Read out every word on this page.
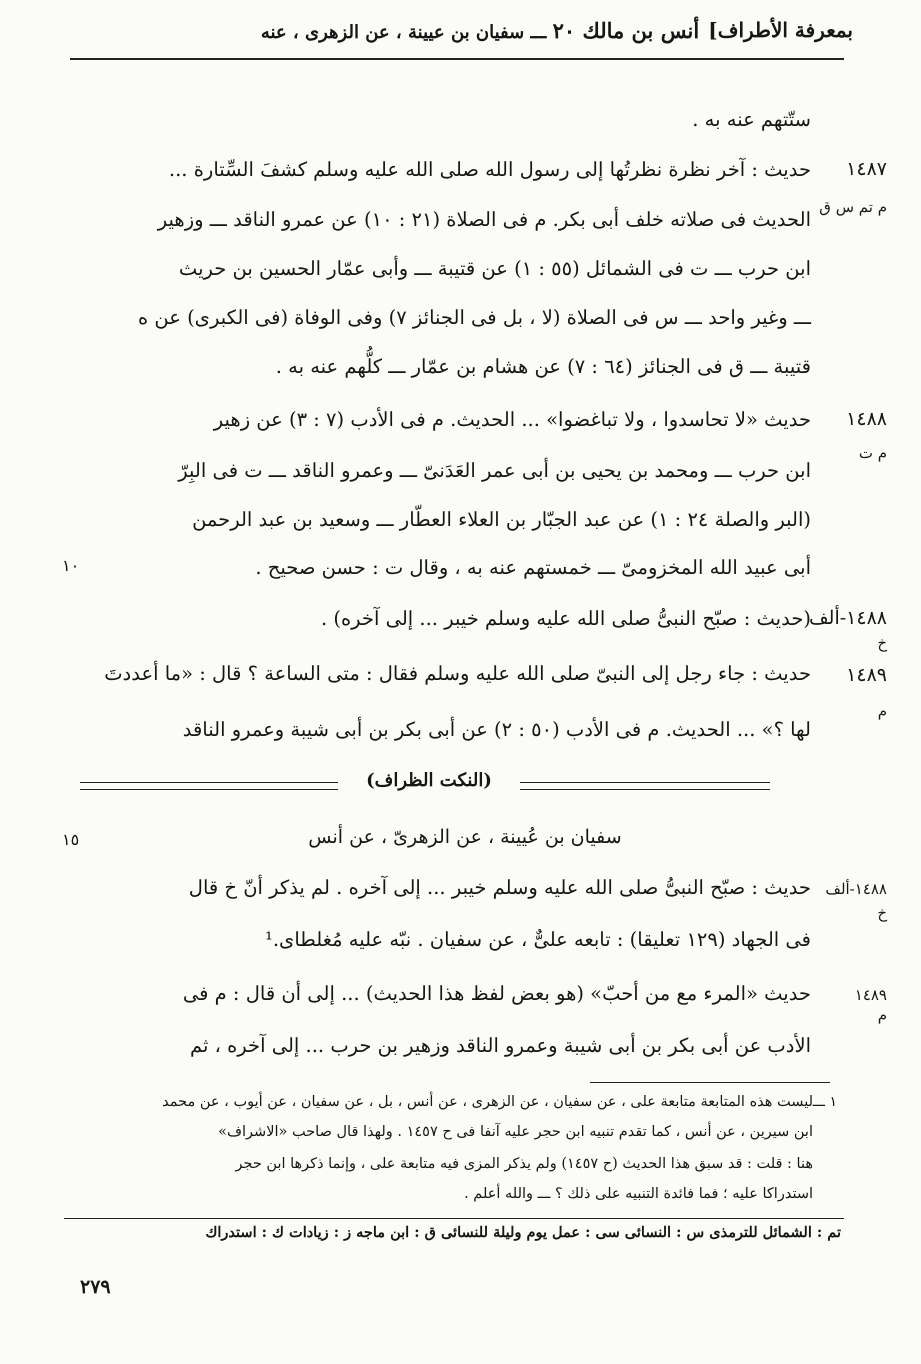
بمعرفة الأطراف]
أنس بن مالك ٢٠ ـــ سفيان بن عيينة ، عن الزهرى ، عنه
ستّتهم عنه به .
حديث : آخر نظرة نظرتُها إلى رسول الله صلى الله عليه وسلم كشفَ السِّتارة ...
الحديث فى صلاته خلف أبى بكر. م فى الصلاة (٢١ : ١٠) عن عمرو الناقد ـــ وزهير
ابن حرب ـــ ت فى الشمائل (٥٥ : ١) عن قتيبة ـــ وأبى عمّار الحسين بن حريث
ـــ وغير واحد ـــ س فى الصلاة (لا ، بل فى الجنائز ٧) وفى الوفاة (فى الكبرى) عن ه
قتيبة ـــ ق فى الجنائز (٦٤ : ٧) عن هشام بن عمّار ـــ كلُّهم عنه به .
حديث «لا تحاسدوا ، ولا تباغضوا» ... الحديث. م فى الأدب (٧ : ٣) عن زهير
ابن حرب ـــ ومحمد بن يحيى بن أبى عمر العَدَنىّ ـــ وعمرو الناقد ـــ ت فى البِرّ
(البر والصلة ٢٤ : ١) عن عبد الجبّار بن العلاء العطّار ـــ وسعيد بن عبد الرحمن
أبى عبيد الله المخزومىّ ـــ خمستهم عنه به ، وقال ت : حسن صحيح .
(حديث : صبّح النبىُّ صلى الله عليه وسلم خيبر ... إلى آخره) .
حديث : جاء رجل إلى النبىّ صلى الله عليه وسلم فقال : متى الساعة ؟ قال : «ما أعددتَ
لها ؟» ... الحديث. م فى الأدب (٥٠ : ٢) عن أبى بكر بن أبى شيبة وعمرو الناقد
١٤٨٧
م تم س ق
١٤٨٨
م ت
١٤٨٨-ألف
خ
١٤٨٩
م
١٠
(النكت الظراف)
سفيان بن عُيينة ، عن الزهرىّ ، عن أنس
١٥
حديث : صبّح النبىُّ صلى الله عليه وسلم خيبر ... إلى آخره . لم يذكر أنّ خ قال
فى الجهاد (١٢٩ تعليقا) : تابعه علىٌّ ، عن سفيان . نبّه عليه مُغلطاى.¹
حديث «المرء مع من أحبّ» (هو بعض لفظ هذا الحديث) ... إلى أن قال : م فى
الأدب عن أبى بكر بن أبى شيبة وعمرو الناقد وزهير بن حرب ... إلى آخره ، ثم
١٤٨٨-ألف
خ
١٤٨٩
م
١ ـــ
ليست هذه المتابعة متابعة على ، عن سفيان ، عن الزهرى ، عن أنس ، بل ، عن سفيان ، عن أيوب ، عن محمد
ابن سيرين ، عن أنس ، كما تقدم تنبيه ابن حجر عليه آنفا فى ح ١٤٥٧ . ولهذا قال صاحب «الاشراف»
هنا : قلت : قد سبق هذا الحديث (ح ١٤٥٧) ولم يذكر المزى فيه متابعة على ، وإنما ذكرها ابن حجر
استدراكا عليه ؛ فما فائدة التنبيه على ذلك ؟ ـــ والله أعلم .
تم : الشمائل للترمذى س : النسائى سى : عمل يوم وليلة للنسائى ق : ابن ماجه ز : زيادات ك : استدراك
٢٧٩
